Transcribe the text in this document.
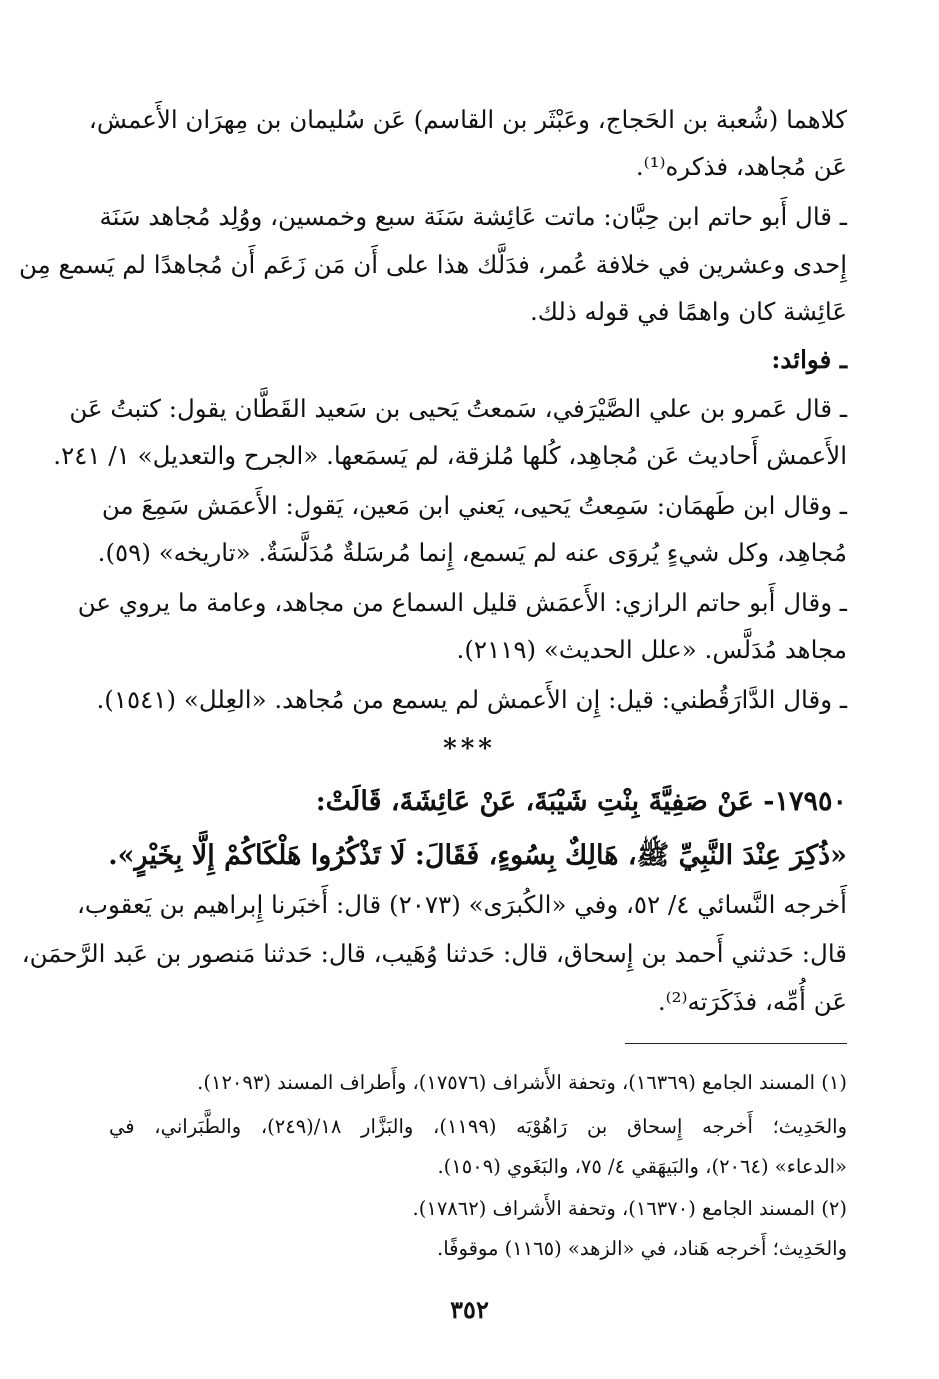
كلاهما (شُعبة بن الحَجاج، وعَبْثَر بن القاسم) عَن سُليمان بن مِهرَان الأَعمش،
عَن مُجاهد، فذكره⁽¹⁾.
ـ قال أَبو حاتم ابن حِبَّان: ماتت عَائِشة سَنَة سبع وخمسين، ووُلِد مُجاهد سَنَة
إِحدى وعشرين في خلافة عُمر، فدَلَّك هذا على أَن مَن زَعَم أَن مُجاهدًا لم يَسمع مِن
عَائِشة كان واهمًا في قوله ذلك.
ـ فوائد:
ـ قال عَمرو بن علي الصَّيْرَفي، سَمعتُ يَحيى بن سَعيد القَطَّان يقول: كتبتُ عَن
الأَعمش أَحاديث عَن مُجاهِد، كُلها مُلزقة، لم يَسمَعها. «الجرح والتعديل» ١/ ٢٤١.
ـ وقال ابن طَهمَان: سَمِعتُ يَحيى، يَعني ابن مَعين، يَقول: الأَعمَش سَمِعَ من
مُجاهِد، وكل شيءٍ يُروَى عنه لم يَسمع، إِنما مُرسَلةٌ مُدَلَّسَةٌ. «تاريخه» (٥٩).
ـ وقال أَبو حاتم الرازي: الأَعمَش قليل السماع من مجاهد، وعامة ما يروي عن
مجاهد مُدَلَّس. «علل الحديث» (٢١١٩).
ـ وقال الدَّارَقُطني: قيل: إِن الأَعمش لم يسمع من مُجاهد. «العِلل» (١٥٤١).
***
١٧٩٥٠- عَنْ صَفِيَّةَ بِنْتِ شَيْبَةَ، عَنْ عَائِشَةَ، قَالَتْ:
«ذُكِرَ عِنْدَ النَّبِيِّ ﷺ، هَالِكٌ بِسُوءٍ، فَقَالَ: لَا تَذْكُرُوا هَلْكَاكُمْ إِلَّا بِخَيْرٍ».
أَخرجه النَّسائي ٤/ ٥٢، وفي «الكُبرَى» (٢٠٧٣) قال: أَخبَرنا إِبراهيم بن يَعقوب،
قال: حَدثني أَحمد بن إِسحاق، قال: حَدثنا وُهَيب، قال: حَدثنا مَنصور بن عَبد الرَّحمَن،
عَن أُمِّه، فذَكَرَته⁽²⁾.
(١) المسند الجامع (١٦٣٦٩)، وتحفة الأَشراف (١٧٥٧٦)، وأَطراف المسند (١٢٠٩٣).
والحَدِيث؛ أَخرجه إِسحاق بن رَاهُوْيَه (١١٩٩)، والبَزَّار ١٨/(٢٤٩)، والطَّبَراني، في
«الدعاء» (٢٠٦٤)، والبَيهَقي ٤/ ٧٥، والبَغَوي (١٥٠٩).
(٢) المسند الجامع (١٦٣٧٠)، وتحفة الأَشراف (١٧٨٦٢).
والحَدِيث؛ أَخرجه هَناد، في «الزهد» (١١٦٥) موقوفًا.
٣٥٢
